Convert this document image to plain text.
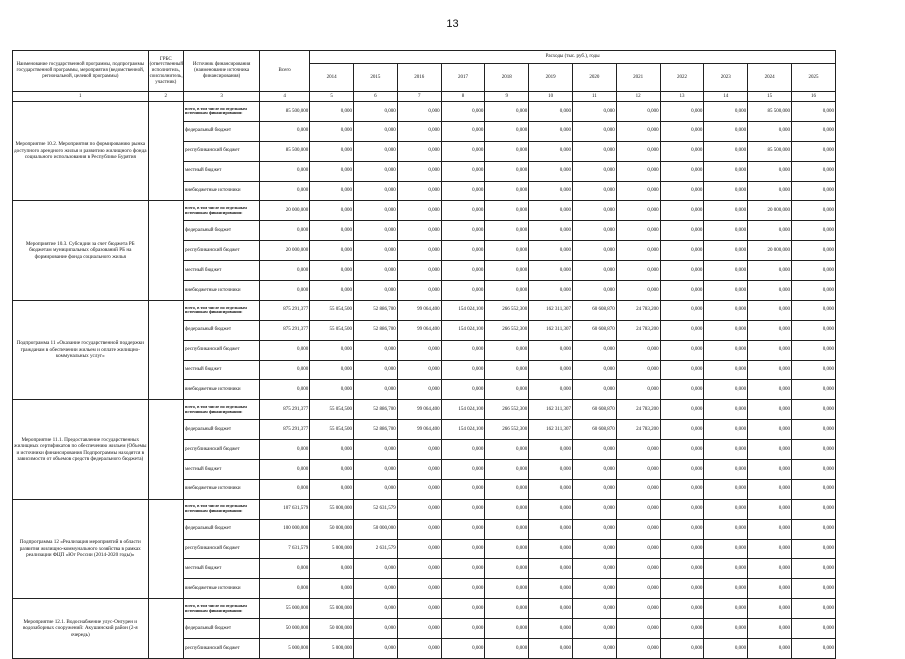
13
Наименование государственной программы, подпрограммы государственной программы, мероприятия (ведомственной, региональной, целевой программы)	ГРБС (ответственный исполнитель, соисполнитель, участник)	Источник финансирования (наименование источника финансирования)	Всего	Расходы (тыс. руб.), годы											
				2014	2015	2016	2017	2018	2019	2020	2021	2022	2023	2024	2025
1	2	3	4	5	6	7	8	9	10	11	12	13	14	15	16
Мероприятие 10.2. Мероприятия по формированию рынка доступного арендного жилья и развитию жилищного фонда социального использования в Республике Бурятия		всего, в том числе по отдельным источникам финансирования:	85 500,000	0,000	0,000	0,000	0,000	0,000	0,000	0,000	0,000	0,000	0,000	85 500,000	0,000
		федеральный бюджет	0,000	0,000	0,000	0,000	0,000	0,000	0,000	0,000	0,000	0,000	0,000	0,000	0,000
		республиканский бюджет	85 500,000	0,000	0,000	0,000	0,000	0,000	0,000	0,000	0,000	0,000	0,000	85 500,000	0,000
		местный бюджет	0,000	0,000	0,000	0,000	0,000	0,000	0,000	0,000	0,000	0,000	0,000	0,000	0,000
		внебюджетные источники	0,000	0,000	0,000	0,000	0,000	0,000	0,000	0,000	0,000	0,000	0,000	0,000	0,000
Мероприятие 10.3. Субсидии за счет бюджета РБ бюджетам муниципальных образований РБ на формирование фонда социального жилья		всего, в том числе по отдельным источникам финансирования:	20 000,000	0,000	0,000	0,000	0,000	0,000	0,000	0,000	0,000	0,000	0,000	20 000,000	0,000
		федеральный бюджет	0,000	0,000	0,000	0,000	0,000	0,000	0,000	0,000	0,000	0,000	0,000	0,000	0,000
		республиканский бюджет	20 000,000	0,000	0,000	0,000	0,000	0,000	0,000	0,000	0,000	0,000	0,000	20 000,000	0,000
		местный бюджет	0,000	0,000	0,000	0,000	0,000	0,000	0,000	0,000	0,000	0,000	0,000	0,000	0,000
		внебюджетные источники	0,000	0,000	0,000	0,000	0,000	0,000	0,000	0,000	0,000	0,000	0,000	0,000	0,000
Подпрограмма 11 «Оказание государственной поддержки гражданам в обеспечении жильем и оплате жилищно-коммунальных услуг»		всего, в том числе по отдельным источникам финансирования:	875 291,377	55 054,500	52 886,700	99 064,400	154 024,100	266 552,300	162 311,307	60 608,870	24 783,200	0,000	0,000	0,000	0,000
		федеральный бюджет	875 291,377	55 054,500	52 886,700	99 064,400	154 024,100	266 552,300	162 311,307	60 608,870	24 783,200	0,000	0,000	0,000	0,000
		республиканский бюджет	0,000	0,000	0,000	0,000	0,000	0,000	0,000	0,000	0,000	0,000	0,000	0,000	0,000
		местный бюджет	0,000	0,000	0,000	0,000	0,000	0,000	0,000	0,000	0,000	0,000	0,000	0,000	0,000
		внебюджетные источники	0,000	0,000	0,000	0,000	0,000	0,000	0,000	0,000	0,000	0,000	0,000	0,000	0,000
Мероприятие 11.1. Предоставление государственных жилищных сертификатов по обеспечению жильем (Объемы и источники финансирования Подпрограммы находятся в зависимости от объемов средств федерального бюджета)		всего, в том числе по отдельным источникам финансирования:	875 291,377	55 054,500	52 886,700	99 064,400	154 024,100	266 552,300	162 311,307	60 608,870	24 783,200	0,000	0,000	0,000	0,000
		федеральный бюджет	875 291,377	55 054,500	52 886,700	99 064,400	154 024,100	266 552,300	162 311,307	60 608,870	24 783,200	0,000	0,000	0,000	0,000
		республиканский бюджет	0,000	0,000	0,000	0,000	0,000	0,000	0,000	0,000	0,000	0,000	0,000	0,000	0,000
		местный бюджет	0,000	0,000	0,000	0,000	0,000	0,000	0,000	0,000	0,000	0,000	0,000	0,000	0,000
		внебюджетные источники	0,000	0,000	0,000	0,000	0,000	0,000	0,000	0,000	0,000	0,000	0,000	0,000	0,000
Подпрограмма 12 «Реализация мероприятий в области развития жилищно-коммунального хозяйства в рамках реализации ФЦП «Юг России (2014-2020 годы)»		всего, в том числе по отдельным источникам финансирования:	107 631,579	55 000,000	52 631,579	0,000	0,000	0,000	0,000	0,000	0,000	0,000	0,000	0,000	0,000
		федеральный бюджет	100 000,000	50 000,000	50 000,000	0,000	0,000	0,000	0,000	0,000	0,000	0,000	0,000	0,000	0,000
		республиканский бюджет	7 631,579	5 000,000	2 631,579	0,000	0,000	0,000	0,000	0,000	0,000	0,000	0,000	0,000	0,000
		местный бюджет	0,000	0,000	0,000	0,000	0,000	0,000	0,000	0,000	0,000	0,000	0,000	0,000	0,000
		внебюджетные источники	0,000	0,000	0,000	0,000	0,000	0,000	0,000	0,000	0,000	0,000	0,000	0,000	0,000
Мероприятие 12.1. Водоснабжение улус-Онгурен и водозаборных сооружений: Акушинский район (2-я очередь)		всего, в том числе по отдельным источникам финансирования:	55 000,000	55 000,000	0,000	0,000	0,000	0,000	0,000	0,000	0,000	0,000	0,000	0,000	0,000
		федеральный бюджет	50 000,000	50 000,000	0,000	0,000	0,000	0,000	0,000	0,000	0,000	0,000	0,000	0,000	0,000
		республиканский бюджет	5 000,000	5 000,000	0,000	0,000	0,000	0,000	0,000	0,000	0,000	0,000	0,000	0,000	0,000
